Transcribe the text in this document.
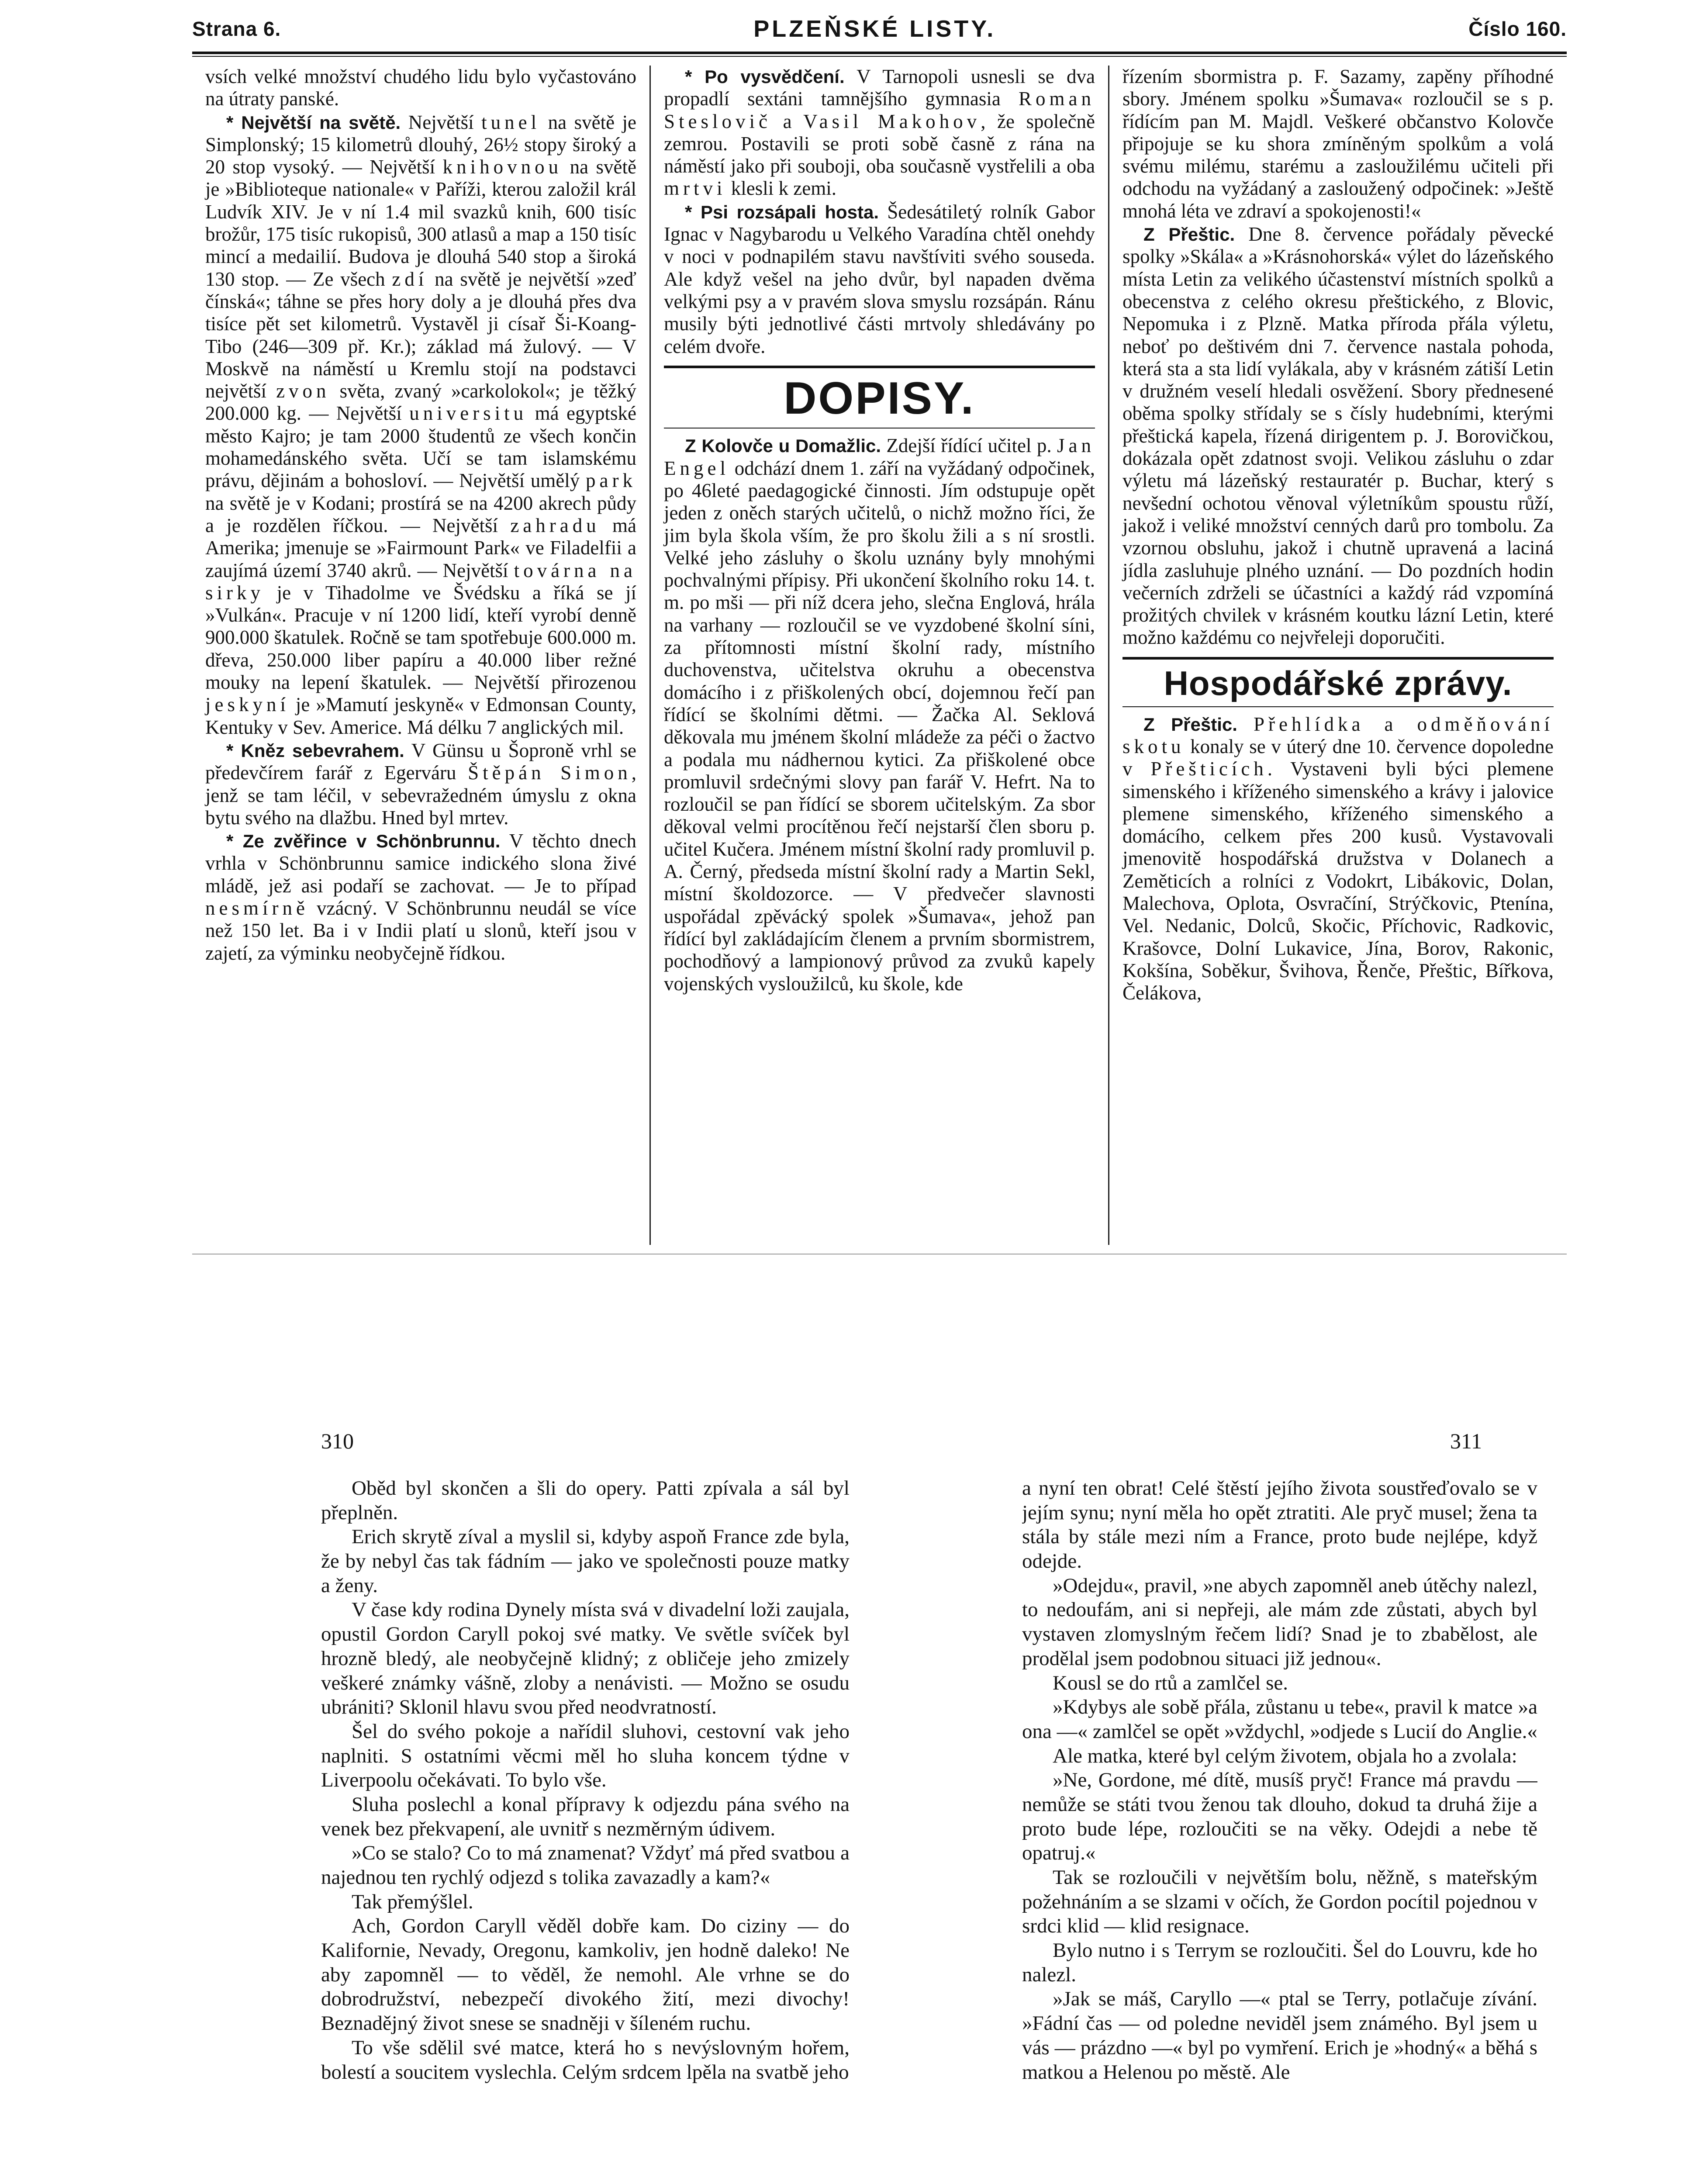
Strana 6.	PLZEŇSKÉ LISTY.	Číslo 160.

vsích velké množství chudého lidu bylo vyčastováno na útraty panské.

* Největší na světě. Největší tunel na světě je Simplonský; 15 kilometrů dlouhý, 26½ stopy široký a 20 stop vysoký. — Největší knihovnou na světě je »Biblioteque nationale« v Paříži, kterou založil král Ludvík XIV. Je v ní 1.4 mil svazků knih, 600 tisíc brožůr, 175 tisíc rukopisů, 300 atlasů a map a 150 tisíc mincí a medailií. Budova je dlouhá 540 stop a široká 130 stop. — Ze všech zdí na světě je největší »zeď čínská«; táhne se přes hory doly a je dlouhá přes dva tisíce pět set kilometrů. Vystavěl ji císař Ši-Koang-Tibo (246—309 př. Kr.); základ má žulový. — V Moskvě na náměstí u Kremlu stojí na podstavci největší zvon světa, zvaný »carkolokol«; je těžký 200.000 kg. — Největší universitu má egyptské město Kajro; je tam 2000 študentů ze všech končin mohamedánského světa. Učí se tam islamskému právu, dějinám a bohosloví. — Největší umělý park na světě je v Kodani; prostírá se na 4200 akrech půdy a je rozdělen říčkou. — Největší zahradu má Amerika; jmenuje se »Fairmount Park« ve Filadelfii a zaujímá území 3740 akrů. — Největší továrna na sirky je v Tihadolme ve Švédsku a říká se jí »Vulkán«. Pracuje v ní 1200 lidí, kteří vyrobí denně 900.000 škatulek. Ročně se tam spotřebuje 600.000 m. dřeva, 250.000 liber papíru a 40.000 liber režné mouky na lepení škatulek. — Největší přirozenou jeskyní je »Mamutí jeskyně« v Edmonsan County, Kentuky v Sev. Americe. Má délku 7 anglických mil.

* Kněz sebevrahem. V Günsu u Šoproně vrhl se předevčírem farář z Egerváru Štěpán Simon, jenž se tam léčil, v sebevražedném úmyslu z okna bytu svého na dlažbu. Hned byl mrtev.

* Ze zvěřince v Schönbrunnu. V těchto dnech vrhla v Schönbrunnu samice indického slona živé mládě, jež asi podaří se zachovat. — Je to případ nesmírně vzácný. V Schönbrunnu neudál se více než 150 let. Ba i v Indii platí u slonů, kteří jsou v zajetí, za výminku neobyčejně řídkou.

* Po vysvědčení. V Tarnopoli usnesli se dva propadlí sextáni tamnějšího gymnasia Roman Steslovič a Vasil Makohov, že společně zemrou. Postavili se proti sobě časně z rána na náměstí jako při souboji, oba současně vystřelili a oba mrtvi klesli k zemi.

* Psi rozsápali hosta. Šedesátiletý rolník Gabor Ignac v Nagybarodu u Velkého Varadína chtěl onehdy v noci v podnapilém stavu navštíviti svého souseda. Ale když vešel na jeho dvůr, byl napaden dvěma velkými psy a v pravém slova smyslu rozsápán. Ránu musily býti jednotlivé části mrtvoly shledávány po celém dvoře.

DOPISY.

Z Kolovče u Domažlic. Zdejší řídící učitel p. Jan Engel odchází dnem 1. září na vyžádaný odpočinek, po 46leté paedagogické činnosti. Jím odstupuje opět jeden z oněch starých učitelů, o nichž možno říci, že jim byla škola vším, že pro školu žili a s ní srostli. Velké jeho zásluhy o školu uznány byly mnohými pochvalnými přípisy. Při ukončení školního roku 14. t. m. po mši — při níž dcera jeho, slečna Englová, hrála na varhany — rozloučil se ve vyzdobené školní síni, za přítomnosti místní školní rady, místního duchovenstva, učitelstva okruhu a obecenstva domácího i z přiškolených obcí, dojemnou řečí pan řídící se školními dětmi. — Žačka Al. Seklová děkovala mu jménem školní mládeže za péči o žactvo a podala mu nádhernou kytici. Za přiškolené obce promluvil srdečnými slovy pan farář V. Hefrt. Na to rozloučil se pan řídící se sborem učitelským. Za sbor děkoval velmi procítěnou řečí nejstarší člen sboru p. učitel Kučera. Jménem místní školní rady promluvil p. A. Černý, předseda místní školní rady a Martin Sekl, místní školdozorce. — V předvečer slavnosti uspořádal zpěvácký spolek »Šumava«, jehož pan řídící byl zakládajícím členem a prvním sbormistrem, pochodňový a lampionový průvod za zvuků kapely vojenských vysloužilců, ku škole, kde

řízením sbormistra p. F. Sazamy, zapěny příhodné sbory. Jménem spolku »Šumava« rozloučil se s p. řídícím pan M. Majdl. Veškeré občanstvo Kolovče připojuje se ku shora zmíněným spolkům a volá svému milému, starému a zasloužilému učiteli při odchodu na vyžádaný a zasloužený odpočinek: »Ještě mnohá léta ve zdraví a spokojenosti!«

Z Přeštic. Dne 8. července pořádaly pěvecké spolky »Skála« a »Krásnohorská« výlet do lázeňského místa Letin za velikého účastenství místních spolků a obecenstva z celého okresu přeštického, z Blovic, Nepomuka i z Plzně. Matka příroda přála výletu, neboť po deštivém dni 7. července nastala pohoda, která sta a sta lidí vylákala, aby v krásném zátiší Letin v družném veselí hledali osvěžení. Sbory přednesené oběma spolky střídaly se s čísly hudebními, kterými přeštická kapela, řízená dirigentem p. J. Borovičkou, dokázala opět zdatnost svoji. Velikou zásluhu o zdar výletu má lázeňský restauratér p. Buchar, který s nevšední ochotou věnoval výletníkům spoustu růží, jakož i veliké množství cenných darů pro tombolu. Za vzornou obsluhu, jakož i chutně upravená a laciná jídla zasluhuje plného uznání. — Do pozdních hodin večerních zdrželi se účastníci a každý rád vzpomíná prožitých chvilek v krásném koutku lázní Letin, které možno každému co nejvřeleji doporučiti.

Hospodářské zprávy.

Z Přeštic. Přehlídka a odměňování skotu konaly se v úterý dne 10. července dopoledne v Přešticích. Vystaveni byli býci plemene simenského i kříženého simenského a krávy i jalovice plemene simenského, kříženého simenského a domácího, celkem přes 200 kusů. Vystavovali jmenovitě hospodářská družstva v Dolanech a Zeměticích a rolníci z Vodokrt, Libákovic, Dolan, Malechova, Oplota, Osvračíní, Strýčkovic, Ptenína, Vel. Nedanic, Dolců, Skočic, Příchovic, Radkovic, Krašovce, Dolní Lukavice, Jína, Borov, Rakonic, Kokšína, Soběkur, Švihova, Řenče, Přeštic, Bířkova, Čelákova,

310	311

Oběd byl skončen a šli do opery. Patti zpívala a sál byl přeplněn.

Erich skrytě zíval a myslil si, kdyby aspoň France zde byla, že by nebyl čas tak fádním — jako ve společnosti pouze matky a ženy.

V čase kdy rodina Dynely místa svá v divadelní loži zaujala, opustil Gordon Caryll pokoj své matky. Ve světle svíček byl hrozně bledý, ale neobyčejně klidný; z obličeje jeho zmizely veškeré známky vášně, zloby a nenávisti. — Možno se osudu ubrániti? Sklonil hlavu svou před neodvratností.

Šel do svého pokoje a nařídil sluhovi, cestovní vak jeho naplniti. S ostatními věcmi měl ho sluha koncem týdne v Liverpoolu očekávati. To bylo vše.

Sluha poslechl a konal přípravy k odjezdu pána svého na venek bez překvapení, ale uvnitř s nezměrným údivem.

»Co se stalo? Co to má znamenat? Vždyť má před svatbou a najednou ten rychlý odjezd s tolika zavazadly a kam?«

Tak přemýšlel.

Ach, Gordon Caryll věděl dobře kam. Do ciziny — do Kalifornie, Nevady, Oregonu, kamkoliv, jen hodně daleko! Ne aby zapomněl — to věděl, že nemohl. Ale vrhne se do dobrodružství, nebezpečí divokého žití, mezi divochy! Beznadějný život snese se snadněji v šíleném ruchu.

To vše sdělil své matce, která ho s nevýslovným hořem, bolestí a soucitem vyslechla. Celým srdcem lpěla na svatbě jeho

a nyní ten obrat! Celé štěstí jejího života soustřeďovalo se v jejím synu; nyní měla ho opět ztratiti. Ale pryč musel; žena ta stála by stále mezi ním a France, proto bude nejlépe, když odejde.

»Odejdu«, pravil, »ne abych zapomněl aneb útěchy nalezl, to nedoufám, ani si nepřeji, ale mám zde zůstati, abych byl vystaven zlomyslným řečem lidí? Snad je to zbabělost, ale prodělal jsem podobnou situaci již jednou«.

Kousl se do rtů a zamlčel se.

»Kdybys ale sobě přála, zůstanu u tebe«, pravil k matce »a ona —« zamlčel se opět »vždychl, »odjede s Lucií do Anglie.«

Ale matka, které byl celým životem, objala ho a zvolala:

»Ne, Gordone, mé dítě, musíš pryč! France má pravdu — nemůže se státi tvou ženou tak dlouho, dokud ta druhá žije a proto bude lépe, rozloučiti se na věky. Odejdi a nebe tě opatruj.«

Tak se rozloučili v největším bolu, něžně, s mateřským požehnáním a se slzami v očích, že Gordon pocítil pojednou v srdci klid — klid resignace.

Bylo nutno i s Terrym se rozloučiti. Šel do Louvru, kde ho nalezl.

»Jak se máš, Caryllo —« ptal se Terry, potlačuje zívání. »Fádní čas — od poledne neviděl jsem známého. Byl jsem u vás — prázdno —« byl po vymření. Erich je »hodný« a běhá s matkou a Helenou po městě. Ale
